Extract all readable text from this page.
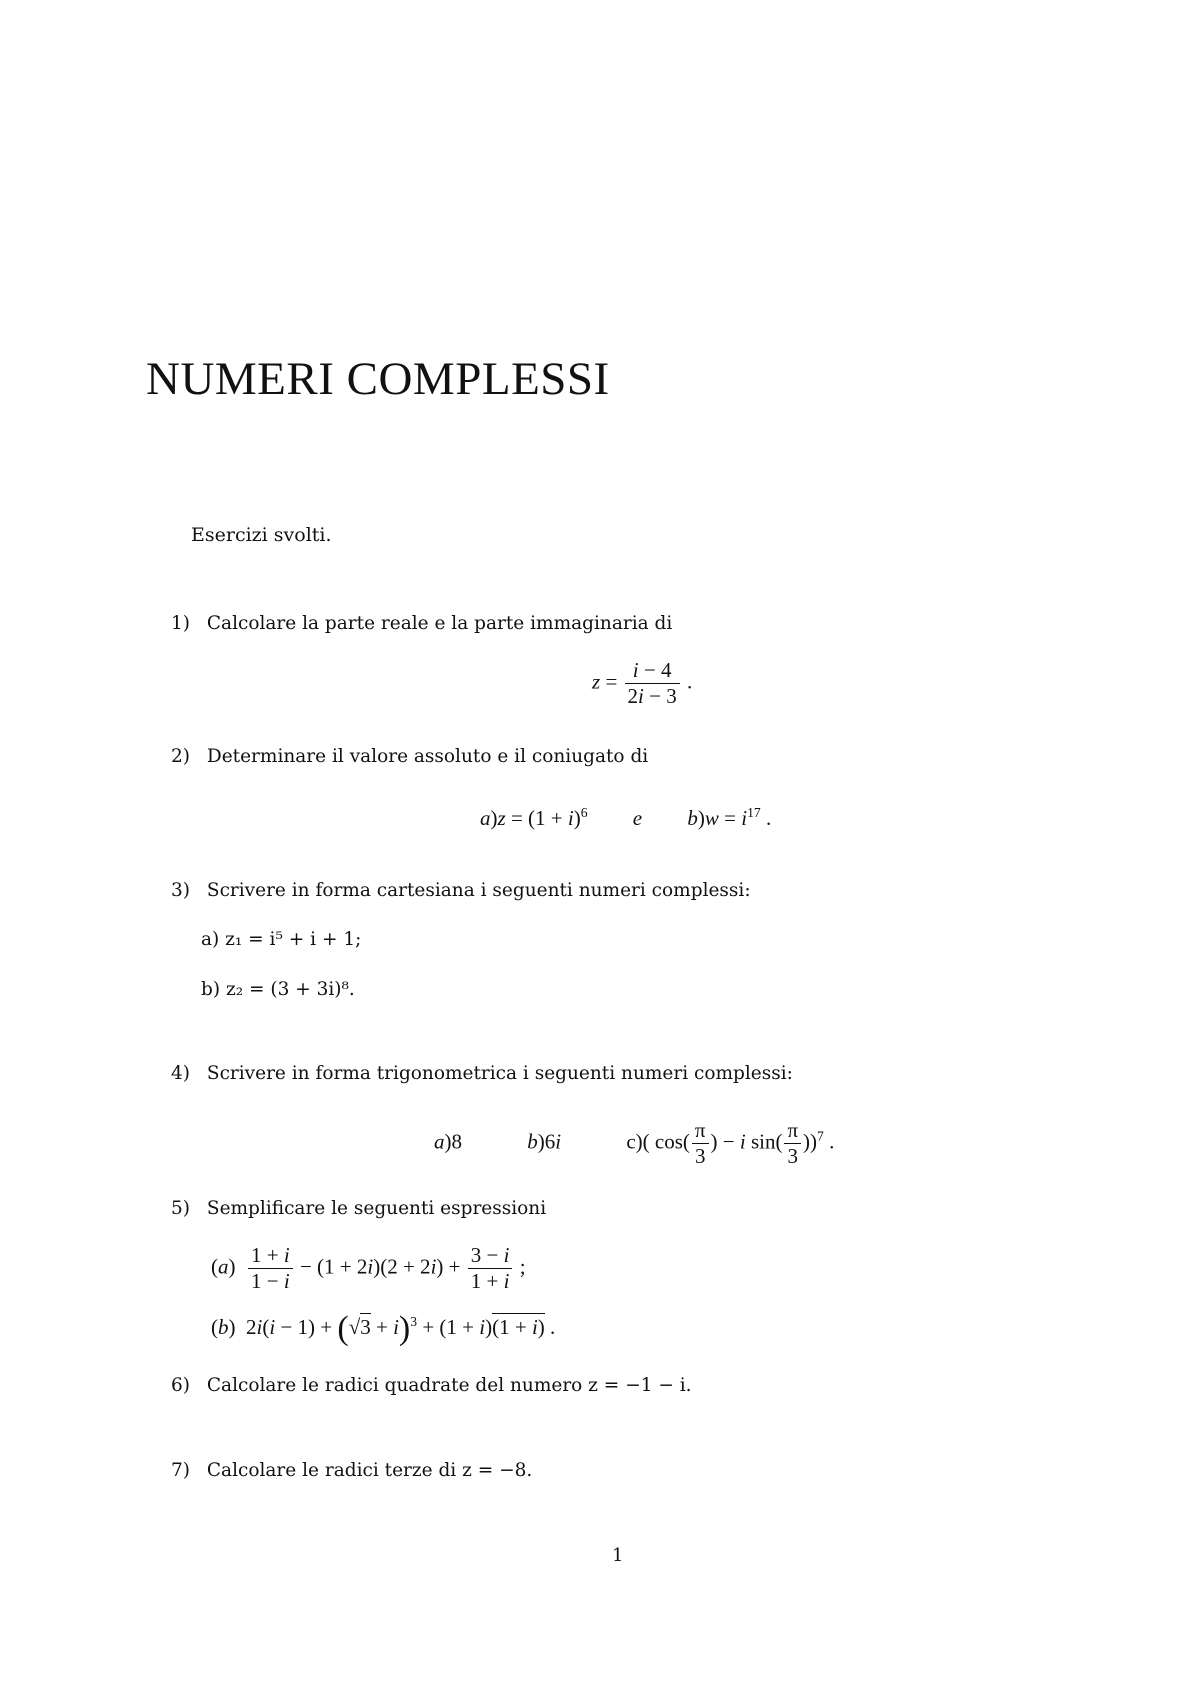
NUMERI COMPLESSI
Esercizi svolti.
1) Calcolare la parte reale e la parte immaginaria di
$z = \frac{i - 4}{2i - 3}$ .
2) Determinare il valore assoluto e il coniugato di
$a)z = (1 + i)^6$ e $b)w = i^{17}$ .
3) Scrivere in forma cartesiana i seguenti numeri complessi:
a) z₁ = i⁵ + i + 1;
b) z₂ = (3 + 3i)⁸.
4) Scrivere in forma trigonometrica i seguenti numeri complessi:
a)8	b)6i	c)( $\cos( \frac{\pi}{3}$ ) − i $\sin( \frac{\pi}{3} ))^7$ .
5) Semplificare le seguenti espressioni
$(a) \frac{1 + i}{1 - i} - (1 + 2i)(2 + 2i) + \frac{3 - i}{1 + i}$ ;
(b)  $2i(i - 1) + (√3 + i)^3 + (1 + i)(1 + i)$ .
6) Calcolare le radici quadrate del numero z = −1 − i.
7) Calcolare le radici terze di z = −8.
1
